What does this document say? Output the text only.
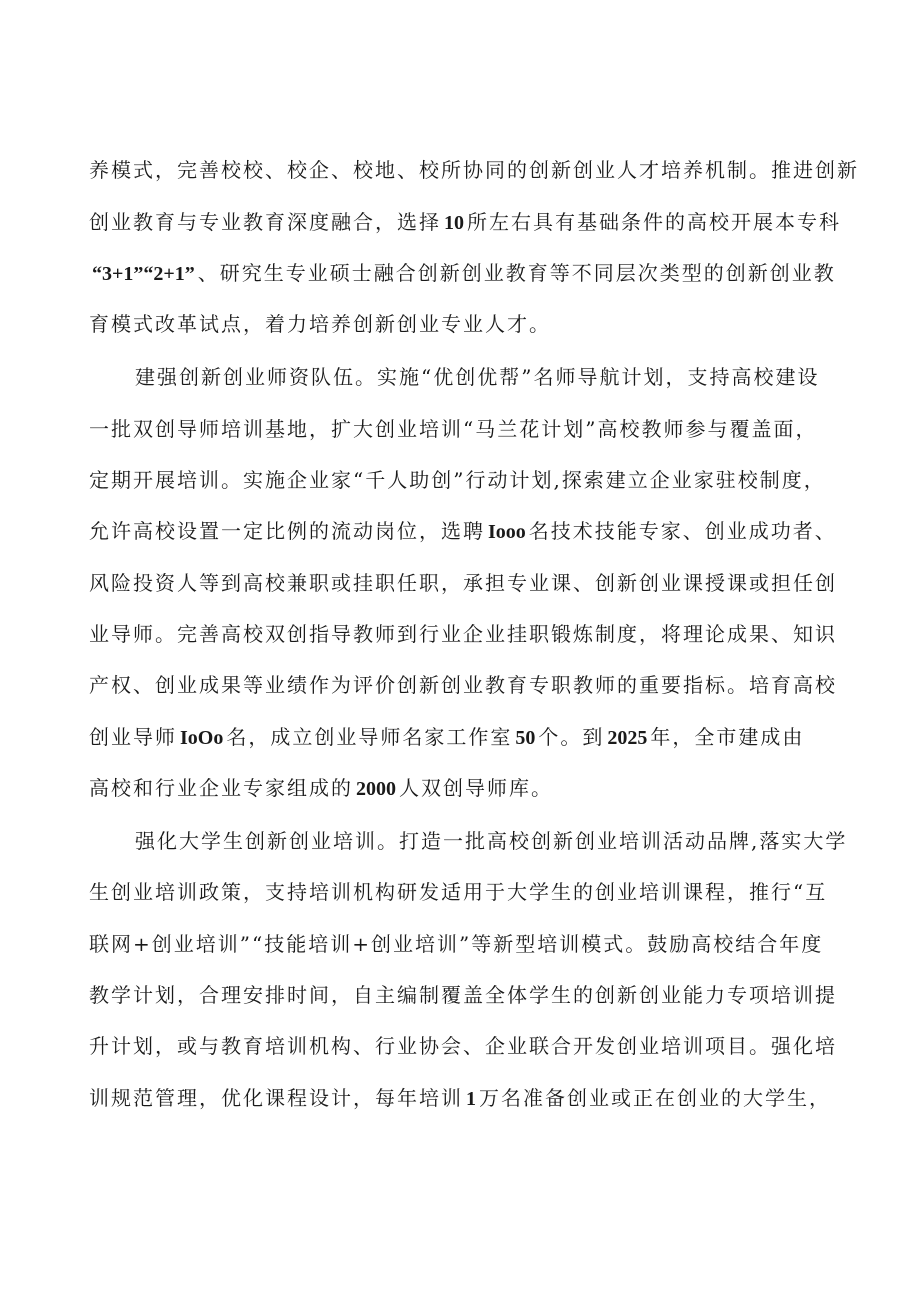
养模式，完善校校、校企、校地、校所协同的创新创业人才培养机制。推进创新
创业教育与专业教育深度融合，选择 10 所左右具有基础条件的高校开展本专科
“3+1”“2+1” 、研究生专业硕士融合创新创业教育等不同层次类型的创新创业教
育模式改革试点，着力培养创新创业专业人才。
建强创新创业师资队伍。实施“优创优帮”名师导航计划，支持高校建设
一批双创导师培训基地，扩大创业培训“马兰花计划”高校教师参与覆盖面，
定期开展培训。实施企业家“千人助创”行动计划,探索建立企业家驻校制度，
允许高校设置一定比例的流动岗位，选聘 Iooo 名技术技能专家、创业成功者、
风险投资人等到高校兼职或挂职任职，承担专业课、创新创业课授课或担任创
业导师。完善高校双创指导教师到行业企业挂职锻炼制度，将理论成果、知识
产权、创业成果等业绩作为评价创新创业教育专职教师的重要指标。培育高校
创业导师 IoOo 名，成立创业导师名家工作室 50 个。到 2025 年，全市建成由
高校和行业企业专家组成的 2000 人双创导师库。
强化大学生创新创业培训。打造一批高校创新创业培训活动品牌,落实大学
生创业培训政策，支持培训机构研发适用于大学生的创业培训课程，推行“互
联网+创业培训”“技能培训+创业培训”等新型培训模式。鼓励高校结合年度
教学计划，合理安排时间，自主编制覆盖全体学生的创新创业能力专项培训提
升计划，或与教育培训机构、行业协会、企业联合开发创业培训项目。强化培
训规范管理，优化课程设计，每年培训 1 万名准备创业或正在创业的大学生，
